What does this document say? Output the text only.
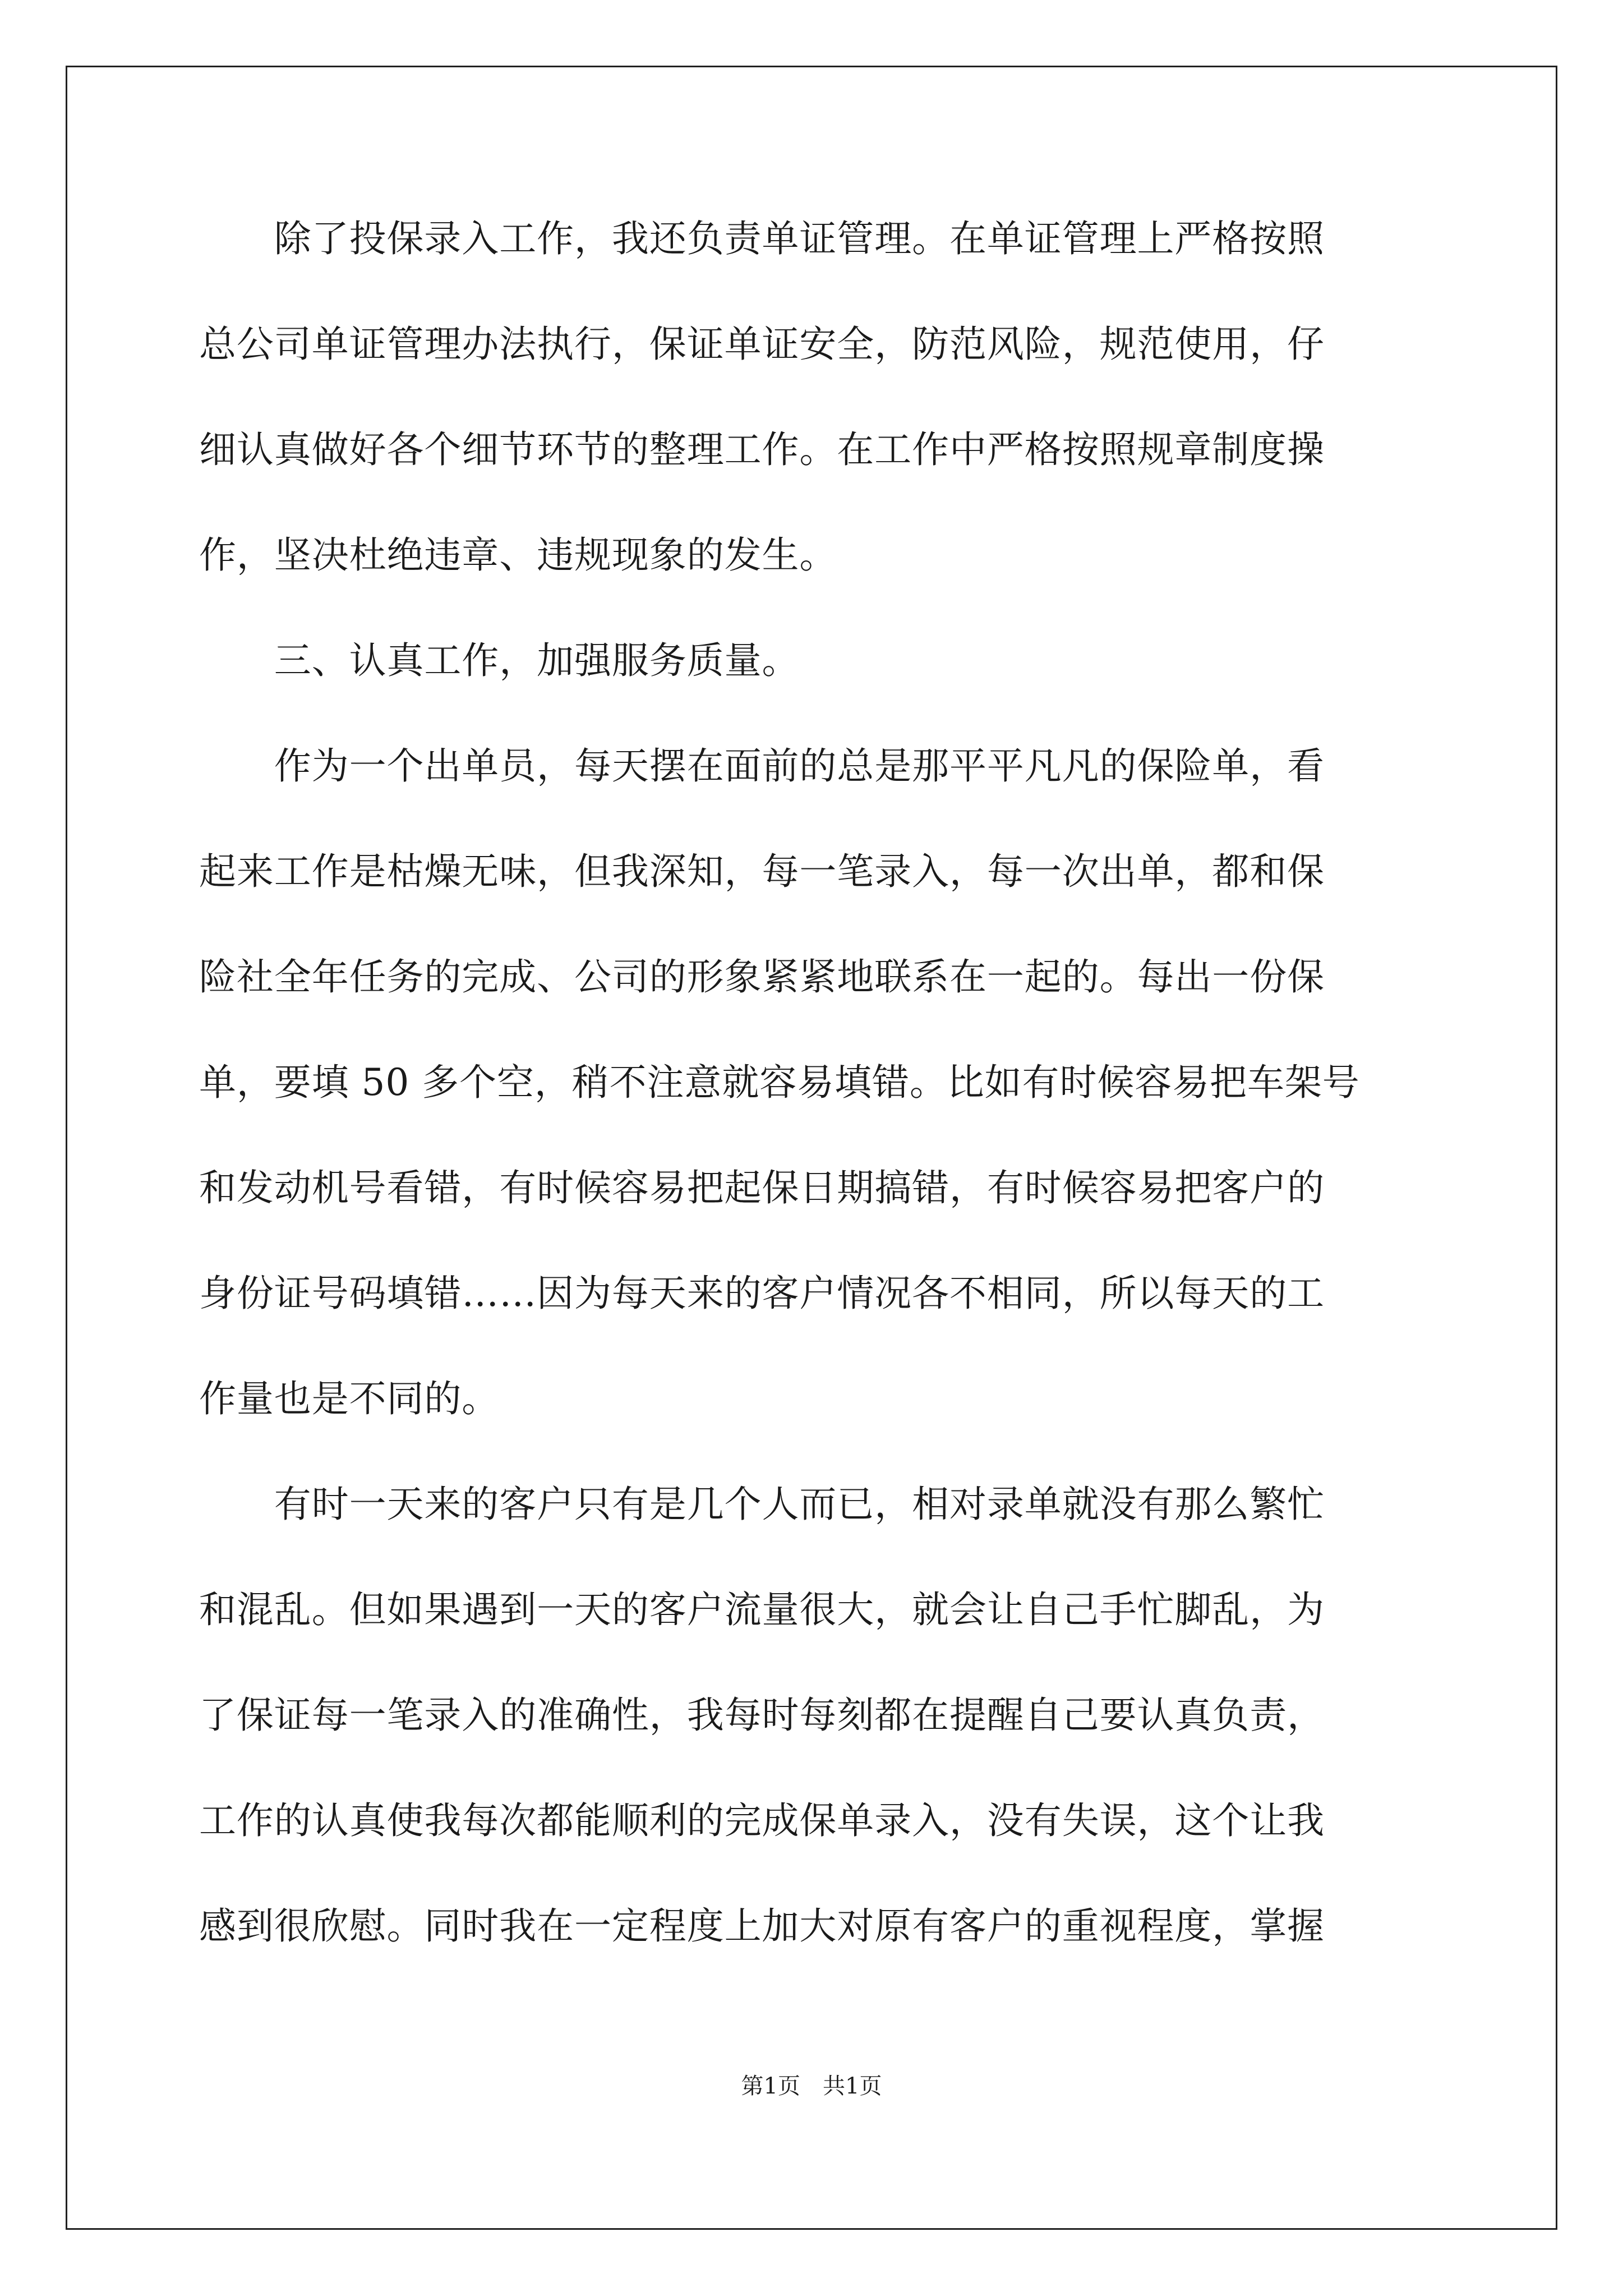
　　除了投保录入工作，我还负责单证管理。在单证管理上严格按照
总公司单证管理办法执行，保证单证安全，防范风险，规范使用，仔
细认真做好各个细节环节的整理工作。在工作中严格按照规章制度操
作，坚决杜绝违章、违规现象的发生。
　　三、认真工作，加强服务质量。
　　作为一个出单员，每天摆在面前的总是那平平凡凡的保险单，看
起来工作是枯燥无味，但我深知，每一笔录入，每一次出单，都和保
险社全年任务的完成、公司的形象紧紧地联系在一起的。每出一份保
单，要填 50 多个空，稍不注意就容易填错。比如有时候容易把车架号
和发动机号看错，有时候容易把起保日期搞错，有时候容易把客户的
身份证号码填错……因为每天来的客户情况各不相同，所以每天的工
作量也是不同的。
　　有时一天来的客户只有是几个人而已，相对录单就没有那么繁忙
和混乱。但如果遇到一天的客户流量很大，就会让自己手忙脚乱，为
了保证每一笔录入的准确性，我每时每刻都在提醒自己要认真负责，
工作的认真使我每次都能顺利的完成保单录入，没有失误，这个让我
感到很欣慰。同时我在一定程度上加大对原有客户的重视程度，掌握
第1页　共1页
